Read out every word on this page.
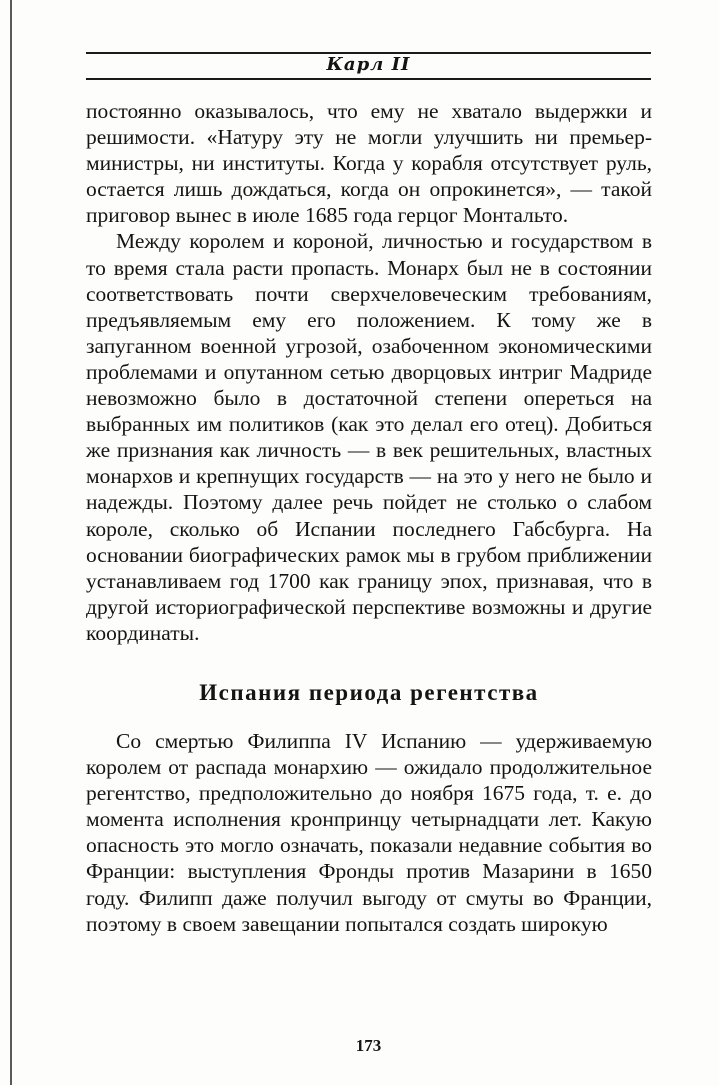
Карл II

постоянно оказывалось, что ему не хватало выдержки и решимости. «Натуру эту не могли улучшить ни премьер-министры, ни институты. Когда у корабля отсутствует руль, остается лишь дождаться, когда он опрокинется», — такой приговор вынес в июле 1685 года герцог Монтальто.

Между королем и короной, личностью и государством в то время стала расти пропасть. Монарх был не в состоянии соответствовать почти сверхчеловеческим требованиям, предъявляемым ему его положением. К тому же в запуганном военной угрозой, озабоченном экономическими проблемами и опутанном сетью дворцовых интриг Мадриде невозможно было в достаточной степени опереться на выбранных им политиков (как это делал его отец). Добиться же признания как личность — в век решительных, властных монархов и крепнущих государств — на это у него не было и надежды. Поэтому далее речь пойдет не столько о слабом короле, сколько об Испании последнего Габсбурга. На основании биографических рамок мы в грубом приближении устанавливаем год 1700 как границу эпох, признавая, что в другой историографической перспективе возможны и другие координаты.

Испания периода регентства

Со смертью Филиппа IV Испанию — удерживаемую королем от распада монархию — ожидало продолжительное регентство, предположительно до ноября 1675 года, т. е. до момента исполнения кронпринцу четырнадцати лет. Какую опасность это могло означать, показали недавние события во Франции: выступления Фронды против Мазарини в 1650 году. Филипп даже получил выгоду от смуты во Франции, поэтому в своем завещании попытался создать широкую

173
